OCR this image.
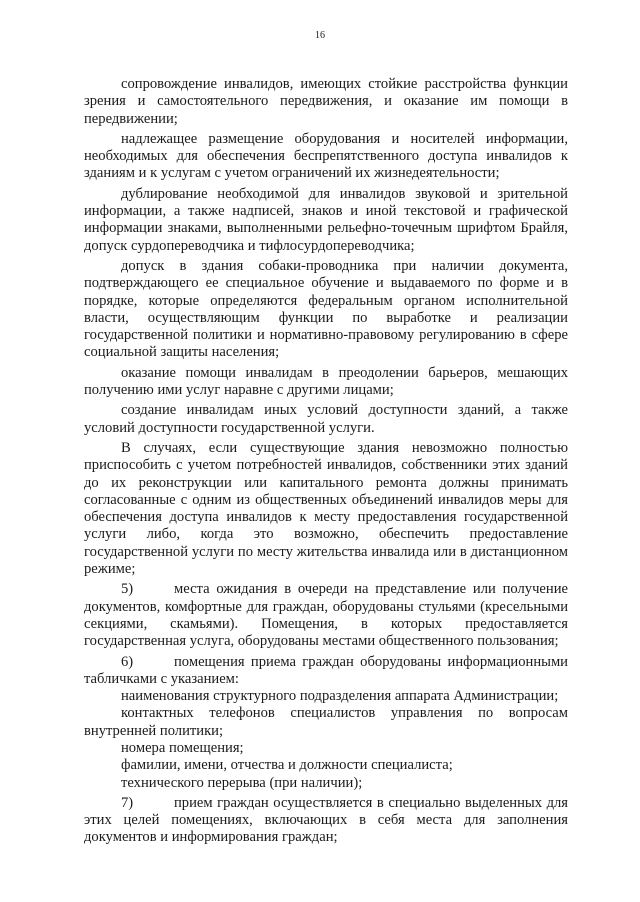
16

сопровождение инвалидов, имеющих стойкие расстройства функции зрения и самостоятельного передвижения, и оказание им помощи в передвижении;

надлежащее размещение оборудования и носителей информации, необходимых для обеспечения беспрепятственного доступа инвалидов к зданиям и к услугам с учетом ограничений их жизнедеятельности;

дублирование необходимой для инвалидов звуковой и зрительной информации, а также надписей, знаков и иной текстовой и графической информации знаками, выполненными рельефно-точечным шрифтом Брайля, допуск сурдопереводчика и тифлосурдопереводчика;

допуск в здания собаки-проводника при наличии документа, подтверждающего ее специальное обучение и выдаваемого по форме и в порядке, которые определяются федеральным органом исполнительной власти, осуществляющим функции по выработке и реализации государственной политики и нормативно-правовому регулированию в сфере социальной защиты населения;

оказание помощи инвалидам в преодолении барьеров, мешающих получению ими услуг наравне с другими лицами;

создание инвалидам иных условий доступности зданий, а также условий доступности государственной услуги.

В случаях, если существующие здания невозможно полностью приспособить с учетом потребностей инвалидов, собственники этих зданий до их реконструкции или капитального ремонта должны принимать согласованные с одним из общественных объединений инвалидов меры для обеспечения доступа инвалидов к месту предоставления государственной услуги либо, когда это возможно, обеспечить предоставление государственной услуги по месту жительства инвалида или в дистанционном режиме;

5)	места ожидания в очереди на представление или получение документов, комфортные для граждан, оборудованы стульями (кресельными секциями, скамьями). Помещения, в которых предоставляется государственная услуга, оборудованы местами общественного пользования;

6)	помещения приема граждан оборудованы информационными табличками с указанием:

наименования структурного подразделения аппарата Администрации;

контактных телефонов специалистов управления по вопросам внутренней политики;

номера помещения;

фамилии, имени, отчества и должности специалиста;

технического перерыва (при наличии);

7)	прием граждан осуществляется в специально выделенных для этих целей помещениях, включающих в себя места для заполнения документов и информирования граждан;
